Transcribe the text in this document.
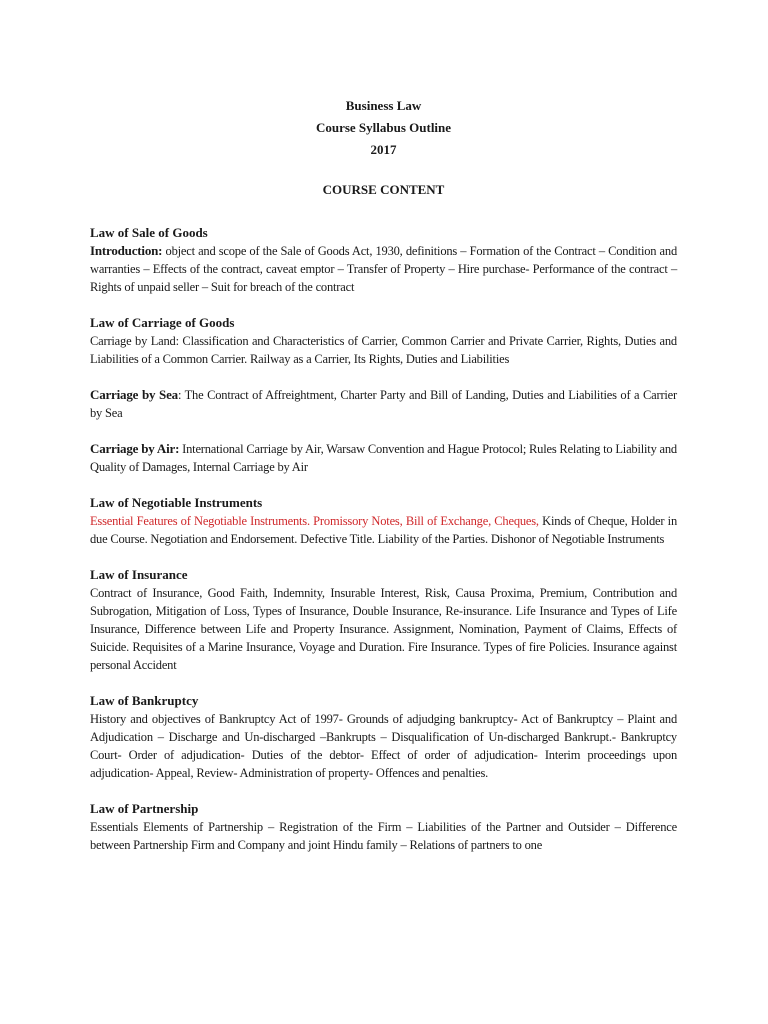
Business Law

Course Syllabus Outline

2017

COURSE CONTENT

Law of Sale of Goods

Introduction: object and scope of the Sale of Goods Act, 1930, definitions – Formation of the Contract – Condition and warranties – Effects of the contract, caveat emptor – Transfer of Property – Hire purchase- Performance of the contract – Rights of unpaid seller – Suit for breach of the contract

Law of Carriage of Goods

Carriage by Land: Classification and Characteristics of Carrier, Common Carrier and Private Carrier, Rights, Duties and Liabilities of a Common Carrier. Railway as a Carrier, Its Rights, Duties and Liabilities

Carriage by Sea: The Contract of Affreightment, Charter Party and Bill of Landing, Duties and Liabilities of a Carrier by Sea

Carriage by Air: International Carriage by Air, Warsaw Convention and Hague Protocol; Rules Relating to Liability and Quality of Damages, Internal Carriage by Air

Law of Negotiable Instruments

Essential Features of Negotiable Instruments. Promissory Notes, Bill of Exchange, Cheques, Kinds of Cheque, Holder in due Course. Negotiation and Endorsement. Defective Title. Liability of the Parties. Dishonor of Negotiable Instruments

Law of Insurance

Contract of Insurance, Good Faith, Indemnity, Insurable Interest, Risk, Causa Proxima, Premium, Contribution and Subrogation, Mitigation of Loss, Types of Insurance, Double Insurance, Re-insurance. Life Insurance and Types of Life Insurance, Difference between Life and Property Insurance. Assignment, Nomination, Payment of Claims, Effects of Suicide. Requisites of a Marine Insurance, Voyage and Duration. Fire Insurance. Types of fire Policies. Insurance against personal Accident

Law of Bankruptcy

History and objectives of Bankruptcy Act of 1997- Grounds of adjudging bankruptcy- Act of Bankruptcy – Plaint and Adjudication – Discharge and Un-discharged –Bankrupts – Disqualification of Un-discharged Bankrupt.- Bankruptcy Court- Order of adjudication- Duties of the debtor- Effect of order of adjudication- Interim proceedings upon adjudication- Appeal, Review- Administration of property- Offences and penalties.

Law of Partnership

Essentials Elements of Partnership – Registration of the Firm – Liabilities of the Partner and Outsider – Difference between Partnership Firm and Company and joint Hindu family – Relations of partners to one
